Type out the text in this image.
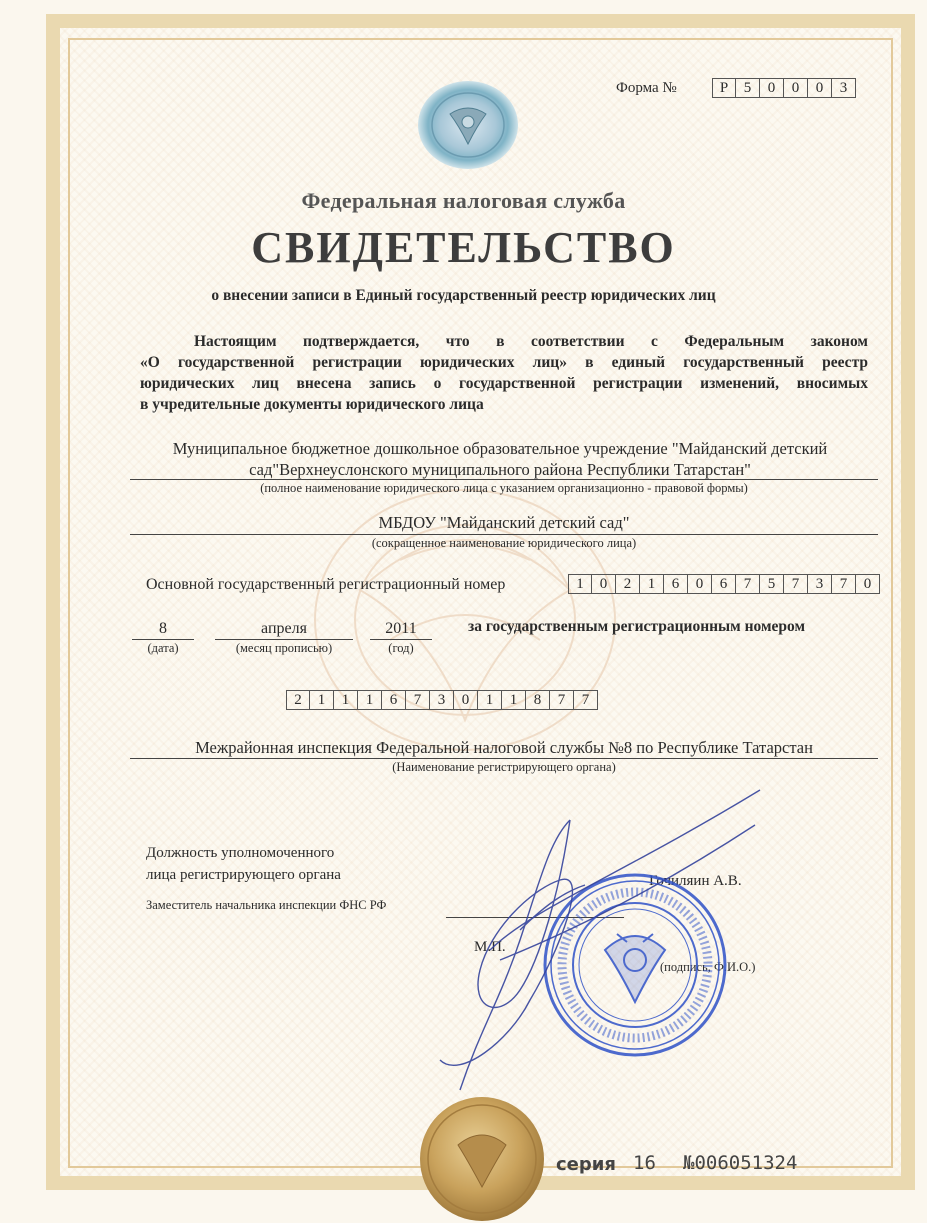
Форма №	Р	5	0	0	0	3
Федеральная налоговая служба
СВИДЕТЕЛЬСТВО
о внесении записи в Единый государственный реестр юридических лиц
Настоящим подтверждается, что в соответствии с Федеральным законом
«О государственной регистрации юридических лиц» в единый государственный реестр
юридических лиц внесена запись о государственной регистрации изменений, вносимых
в учредительные документы юридического лица
Муниципальное бюджетное дошкольное образовательное учреждение "Майданский детский
сад"Верхнеуслонского муниципального района Республики Татарстан"
(полное наименование юридического лица с указанием организационно - правовой формы)
МБДОУ "Майданский детский сад"
(сокращенное наименование юридического лица)
Основной государственный регистрационный номер	1	0	2	1	6	0	6	7	5	7	3	7	0
8
(дата)
апреля
(месяц прописью)
2011
(год)
за государственным регистрационным номером
2	1	1	1	6	7	3	0	1	1	8	7	7
Межрайонная инспекция Федеральной налоговой службы №8 по Республике Татарстан
(Наименование регистрирующего органа)
Должность уполномоченного
лица регистрирующего органа
Заместитель начальника инспекции ФНС РФ
Гочиляин А.В.
М.П.
(подпись, Ф.И.О.)
серия 16 №006051324
